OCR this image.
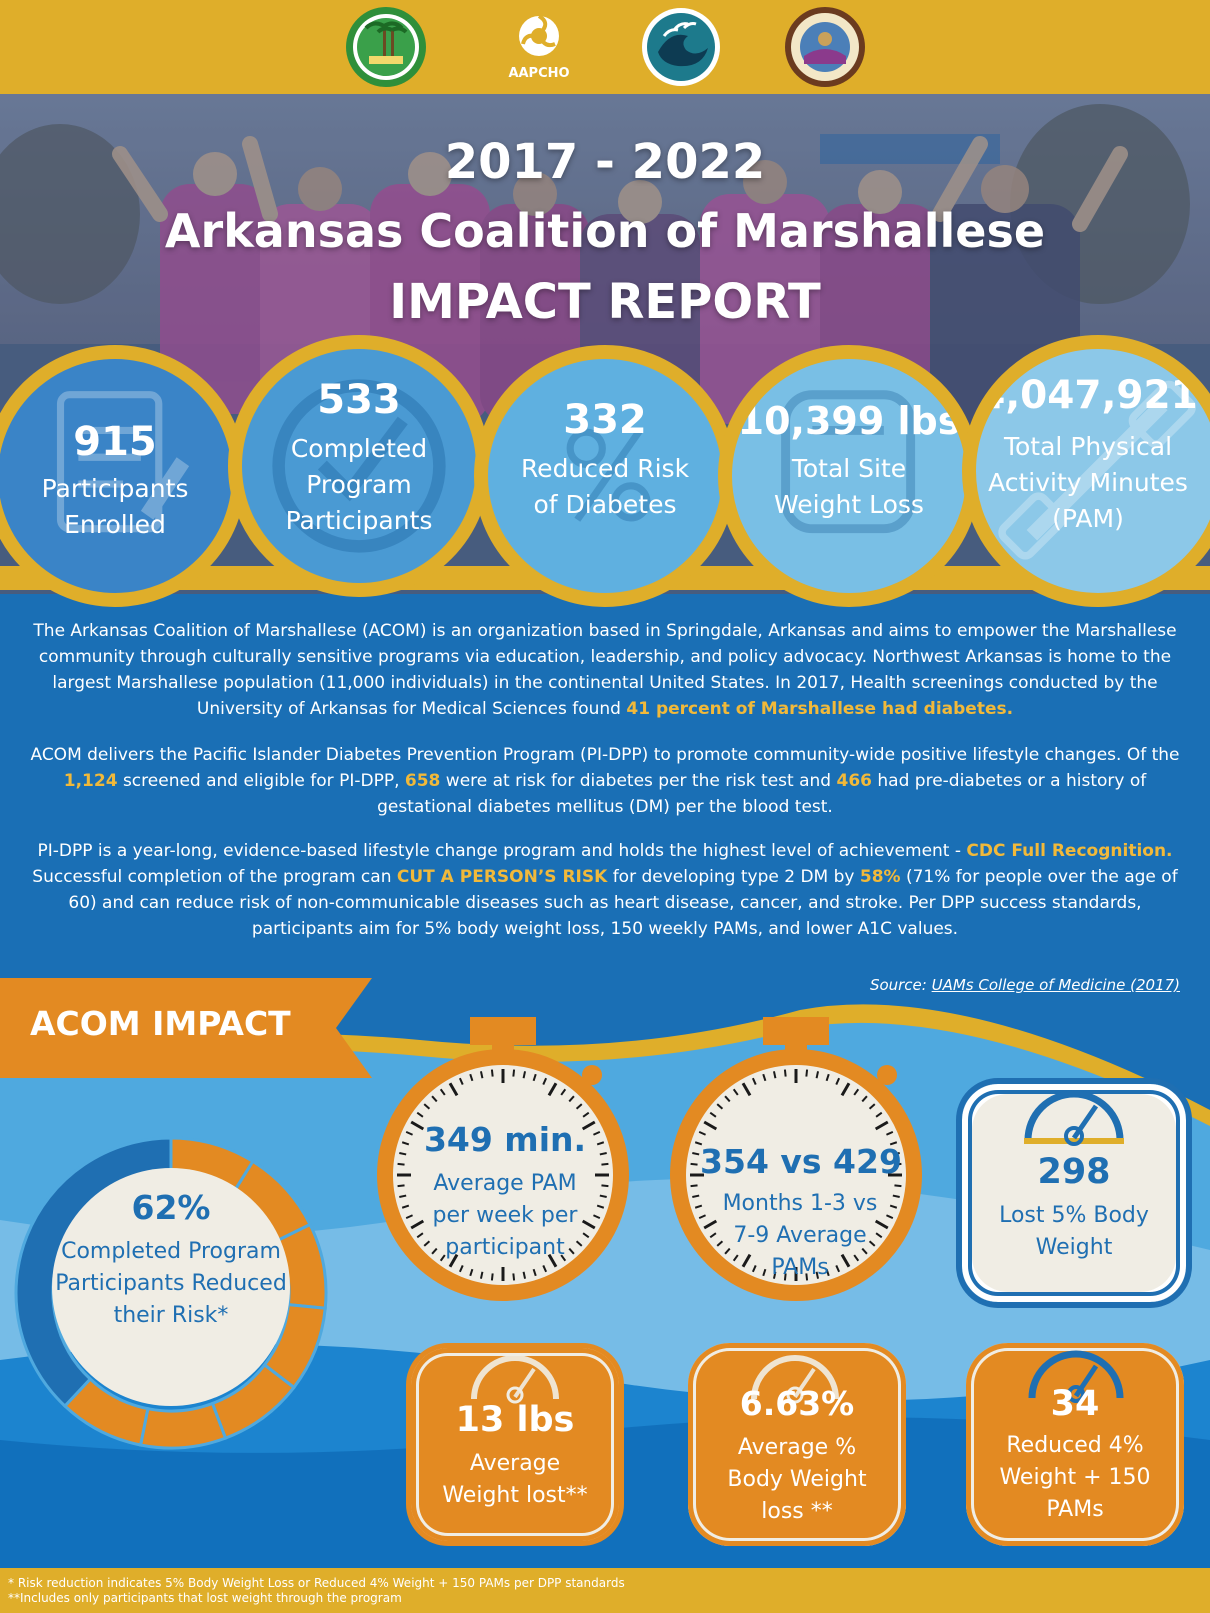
AAPCHO
2017 - 2022
Arkansas Coalition of Marshallese
IMPACT REPORT
915
Participants
Enrolled
533
Completed
Program
Participants
332
Reduced Risk
of Diabetes
10,399 lbs
Total Site
Weight Loss
4,047,921
Total Physical
Activity Minutes
(PAM)
The Arkansas Coalition of Marshallese (ACOM) is an organization based in Springdale, Arkansas and aims to empower the Marshallese community through culturally sensitive programs via education, leadership, and policy advocacy. Northwest Arkansas is home to the largest Marshallese population (11,000 individuals) in the continental United States. In 2017, Health screenings conducted by the University of Arkansas for Medical Sciences found 41 percent of Marshallese had diabetes.
ACOM delivers the Pacific Islander Diabetes Prevention Program (PI-DPP) to promote community-wide positive lifestyle changes. Of the 1,124 screened and eligible for PI-DPP, 658 were at risk for diabetes per the risk test and 466 had pre-diabetes or a history of gestational diabetes mellitus (DM) per the blood test.
PI-DPP is a year-long, evidence-based lifestyle change program and holds the highest level of achievement - CDC Full Recognition. Successful completion of the program can CUT A PERSON’S RISK for developing type 2 DM by 58% (71% for people over the age of 60) and can reduce risk of non-communicable diseases such as heart disease, cancer, and stroke. Per DPP success standards, participants aim for 5% body weight loss, 150 weekly PAMs, and lower A1C values.
Source: UAMs College of Medicine (2017)
ACOM IMPACT
62%
Completed Program Participants Reduced their Risk*
349 min.
Average PAM
per week per
participant
354 vs 429
Months 1-3 vs
7-9 Average
PAMs
298
Lost 5% Body
Weight
13 lbs
Average
Weight lost**
6.63%
Average %
Body Weight
loss **
34
Reduced 4%
Weight + 150
PAMs
* Risk reduction indicates 5% Body Weight Loss or Reduced 4% Weight + 150 PAMs per DPP standards
**Includes only participants that lost weight through the program
